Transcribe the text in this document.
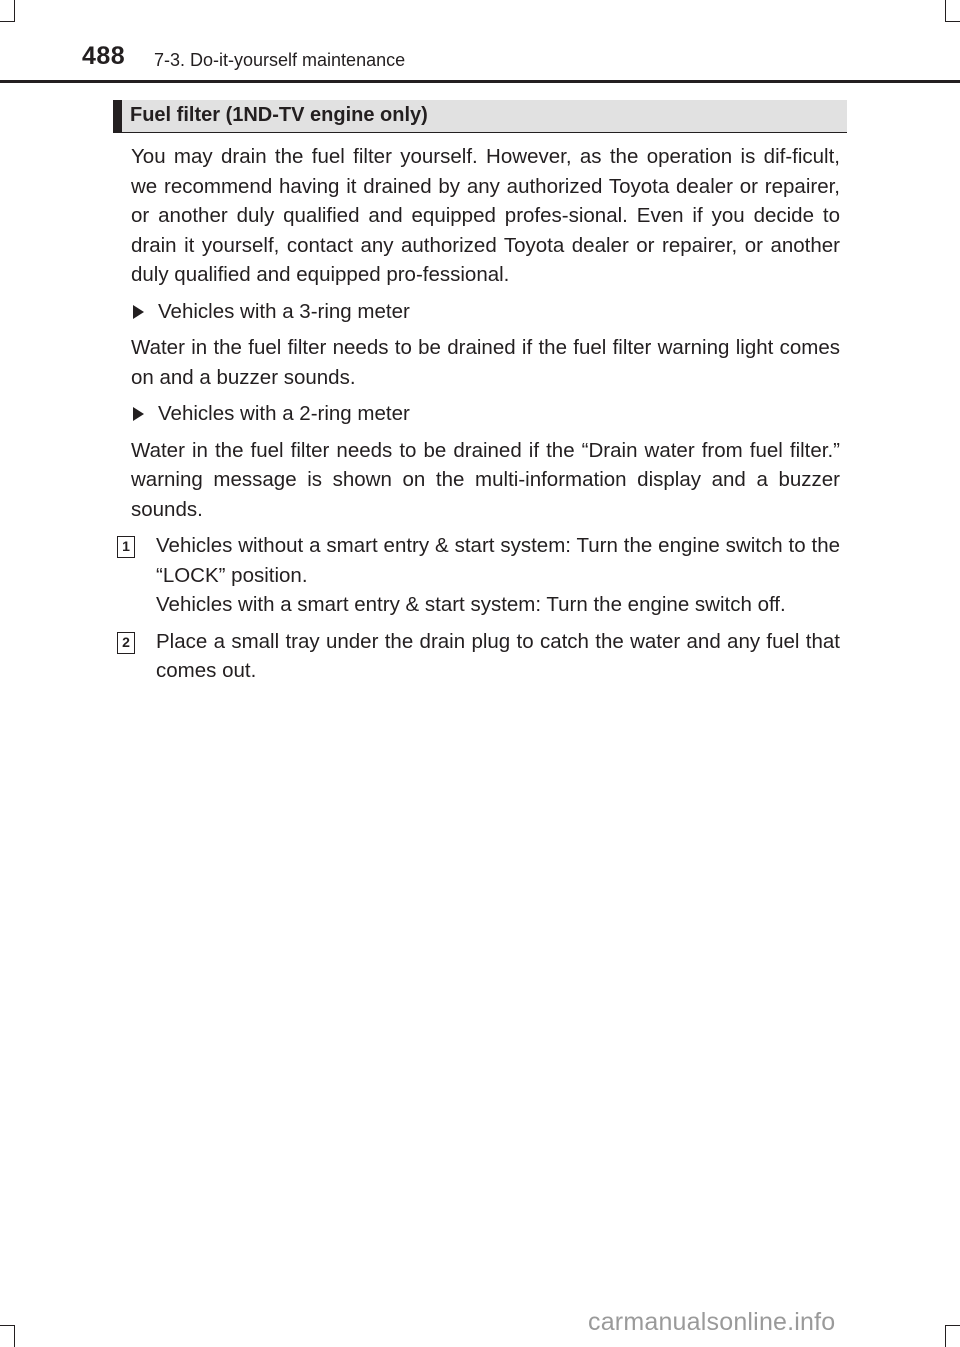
488 7-3. Do-it-yourself maintenance
Fuel filter (1ND-TV engine only)

You may drain the fuel filter yourself. However, as the operation is dif-ficult, we recommend having it drained by any authorized Toyota dealer or repairer, or another duly qualified and equipped profes-sional. Even if you decide to drain it yourself, contact any authorized Toyota dealer or repairer, or another duly qualified and equipped pro-fessional.

Vehicles with a 3-ring meter

Water in the fuel filter needs to be drained if the fuel filter warning light comes on and a buzzer sounds.

Vehicles with a 2-ring meter

Water in the fuel filter needs to be drained if the “Drain water from fuel filter.” warning message is shown on the multi-information display and a buzzer sounds.

1 Vehicles without a smart entry & start system: Turn the engine switch to the “LOCK” position.

Vehicles with a smart entry & start system: Turn the engine switch off.

2 Place a small tray under the drain plug to catch the water and any fuel that comes out.

carmanualsonline.info
